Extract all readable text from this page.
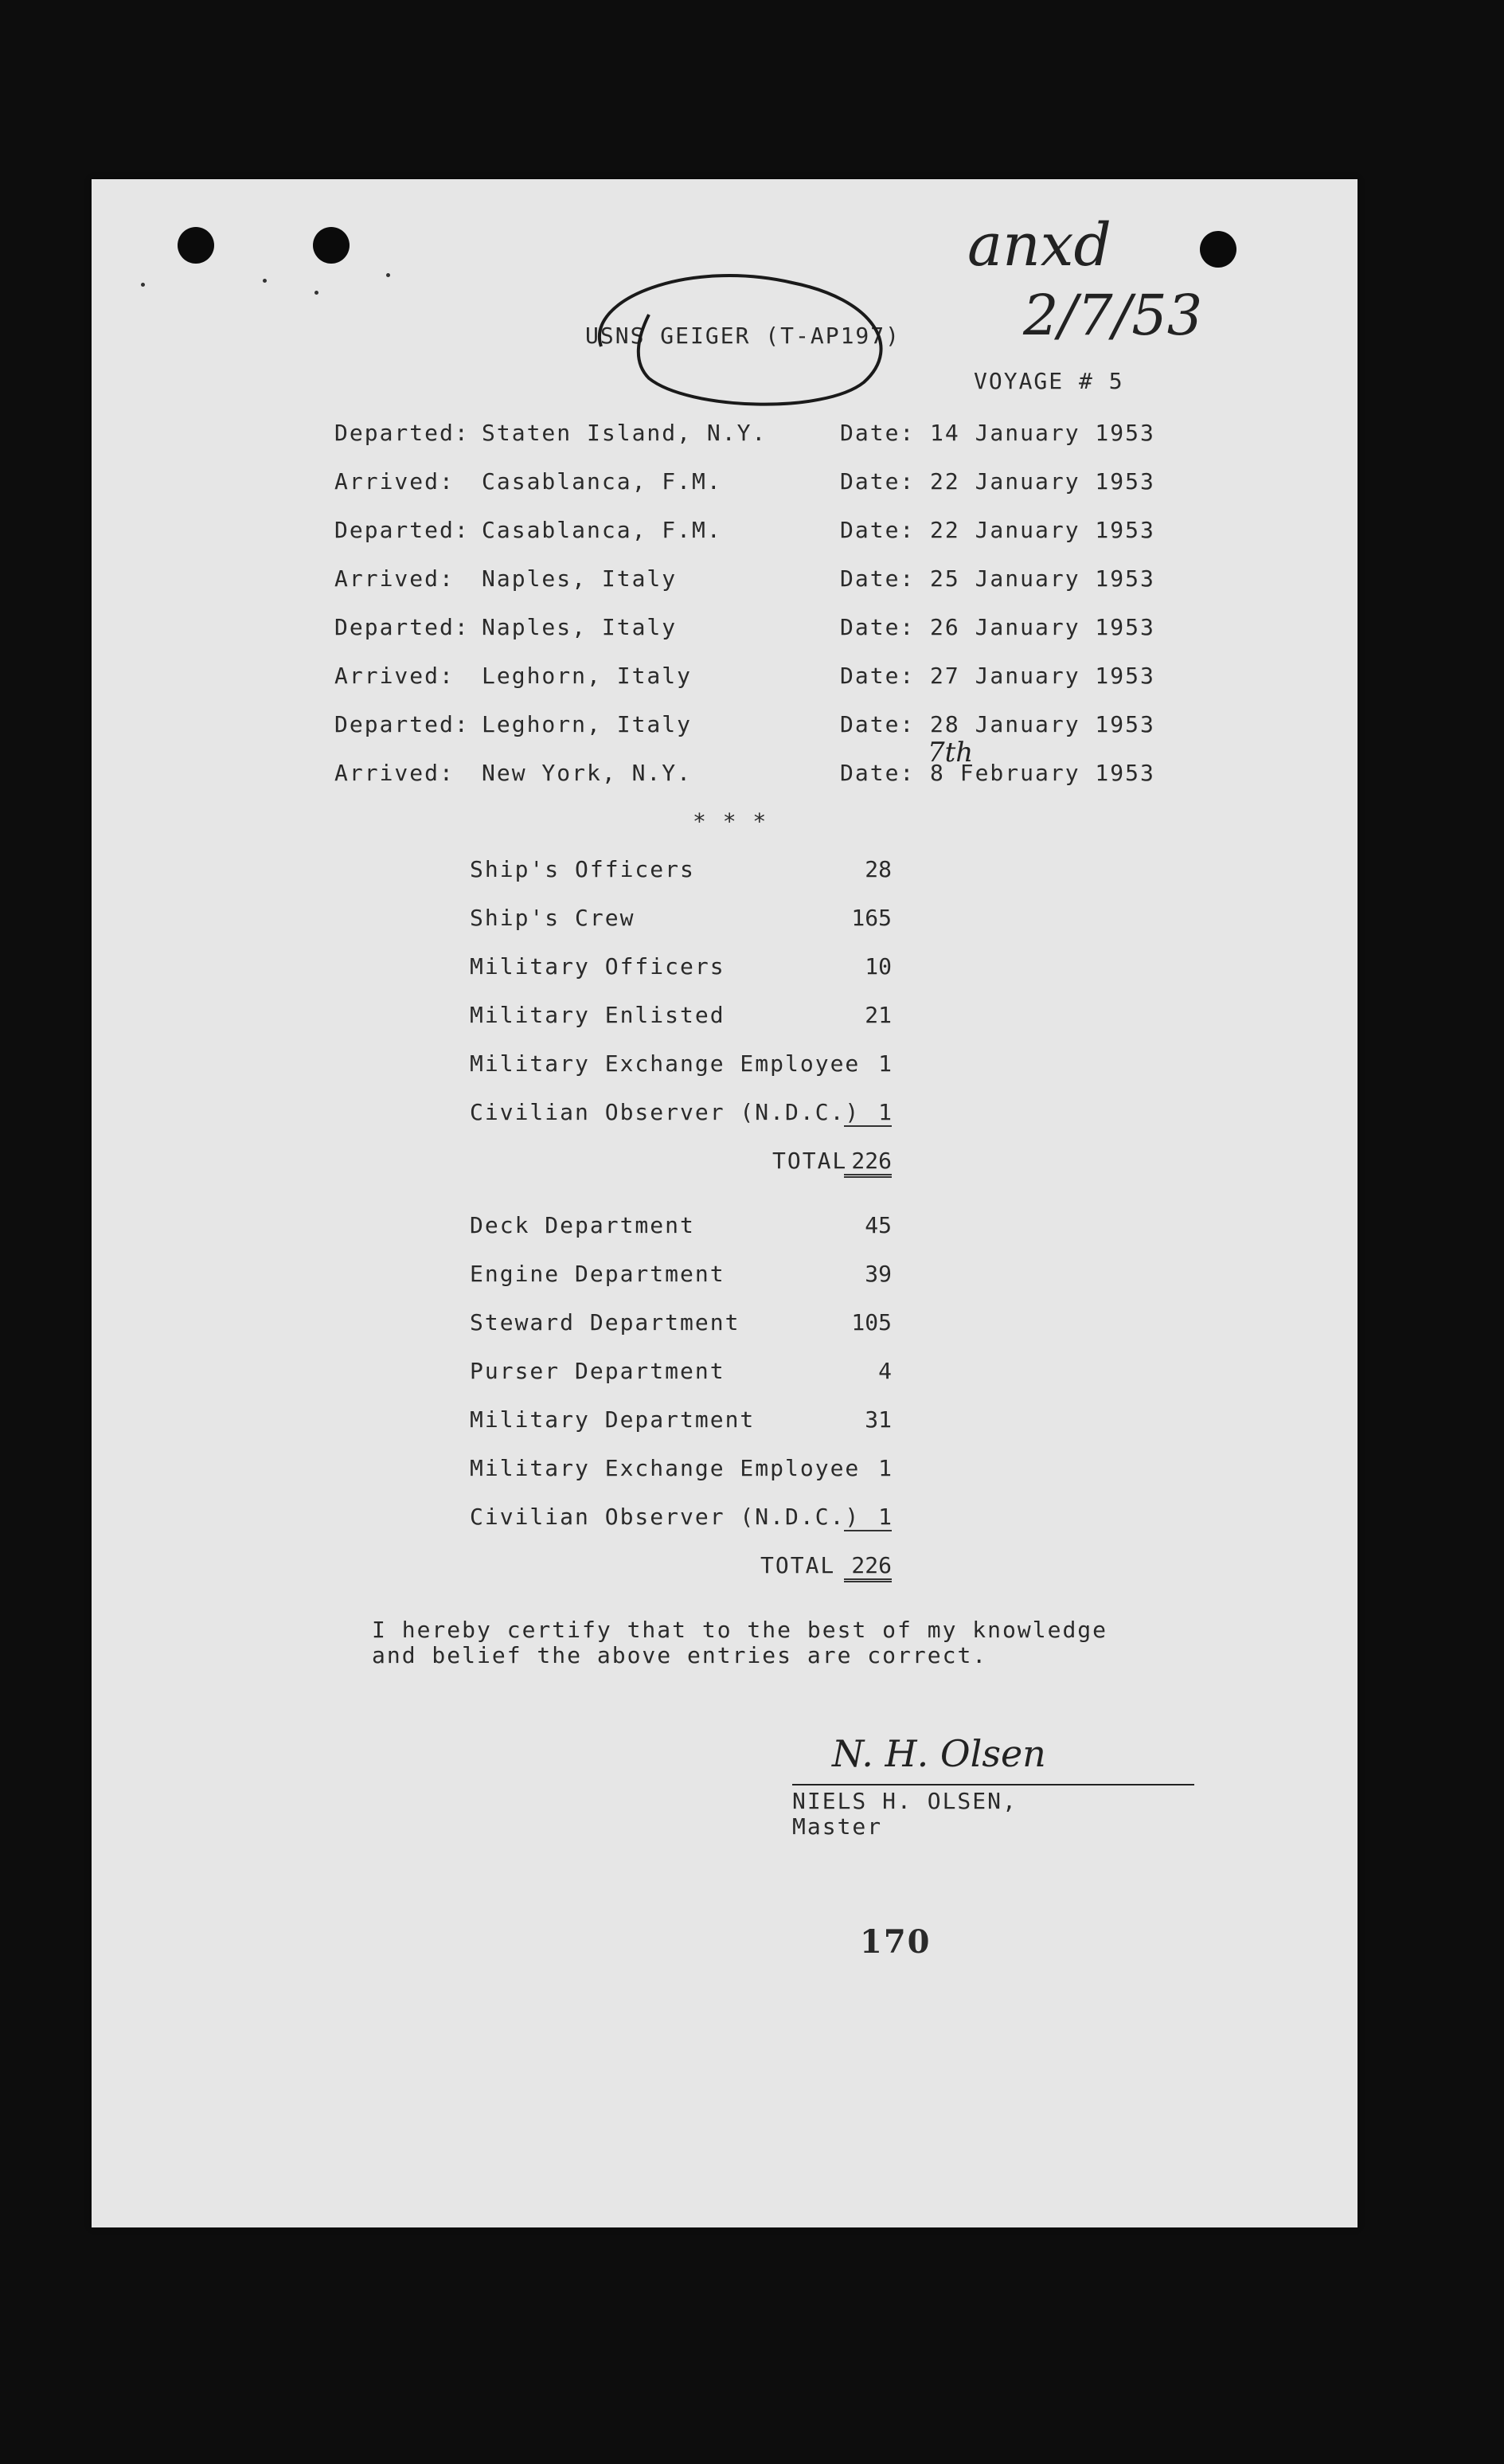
anxd
2/7/53
USNS GEIGER (T-AP197)
VOYAGE # 5
Departed: Staten Island, N.Y.	Date: 14 January 1953
Arrived: Casablanca, F.M.	Date: 22 January 1953
Departed: Casablanca, F.M.	Date: 22 January 1953
Arrived: Naples, Italy	Date: 25 January 1953
Departed: Naples, Italy	Date: 26 January 1953
Arrived: Leghorn, Italy	Date: 27 January 1953
Departed: Leghorn, Italy	Date: 28 January 1953
Arrived: New York, N.Y.	Date: 8 February 1953
7th
* * *
Ship's Officers	28
Ship's Crew	165
Military Officers	10
Military Enlisted	21
Military Exchange Employee 1
Civilian Observer (N.D.C.) 1
TOTAL 226
Deck Department	45
Engine Department	39
Steward Department	105
Purser Department	4
Military Department	31
Military Exchange Employee 1
Civilian Observer (N.D.C.) 1
TOTAL 226
I hereby certify that to the best of my knowledge
and belief the above entries are correct.
N. H. Olsen
NIELS H. OLSEN,
Master
170
